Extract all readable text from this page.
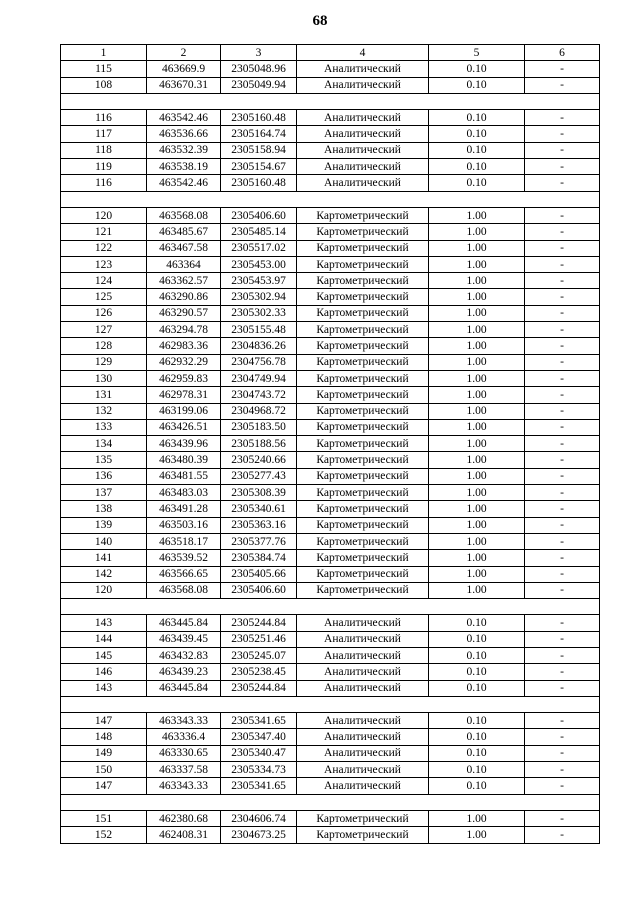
68
1	2	3	4	5	6
115	463669.9	2305048.96	Аналитический	0.10	-
108	463670.31	2305049.94	Аналитический	0.10	-

116	463542.46	2305160.48	Аналитический	0.10	-
117	463536.66	2305164.74	Аналитический	0.10	-
118	463532.39	2305158.94	Аналитический	0.10	-
119	463538.19	2305154.67	Аналитический	0.10	-
116	463542.46	2305160.48	Аналитический	0.10	-

120	463568.08	2305406.60	Картометрический	1.00	-
121	463485.67	2305485.14	Картометрический	1.00	-
122	463467.58	2305517.02	Картометрический	1.00	-
123	463364	2305453.00	Картометрический	1.00	-
124	463362.57	2305453.97	Картометрический	1.00	-
125	463290.86	2305302.94	Картометрический	1.00	-
126	463290.57	2305302.33	Картометрический	1.00	-
127	463294.78	2305155.48	Картометрический	1.00	-
128	462983.36	2304836.26	Картометрический	1.00	-
129	462932.29	2304756.78	Картометрический	1.00	-
130	462959.83	2304749.94	Картометрический	1.00	-
131	462978.31	2304743.72	Картометрический	1.00	-
132	463199.06	2304968.72	Картометрический	1.00	-
133	463426.51	2305183.50	Картометрический	1.00	-
134	463439.96	2305188.56	Картометрический	1.00	-
135	463480.39	2305240.66	Картометрический	1.00	-
136	463481.55	2305277.43	Картометрический	1.00	-
137	463483.03	2305308.39	Картометрический	1.00	-
138	463491.28	2305340.61	Картометрический	1.00	-
139	463503.16	2305363.16	Картометрический	1.00	-
140	463518.17	2305377.76	Картометрический	1.00	-
141	463539.52	2305384.74	Картометрический	1.00	-
142	463566.65	2305405.66	Картометрический	1.00	-
120	463568.08	2305406.60	Картометрический	1.00	-

143	463445.84	2305244.84	Аналитический	0.10	-
144	463439.45	2305251.46	Аналитический	0.10	-
145	463432.83	2305245.07	Аналитический	0.10	-
146	463439.23	2305238.45	Аналитический	0.10	-
143	463445.84	2305244.84	Аналитический	0.10	-

147	463343.33	2305341.65	Аналитический	0.10	-
148	463336.4	2305347.40	Аналитический	0.10	-
149	463330.65	2305340.47	Аналитический	0.10	-
150	463337.58	2305334.73	Аналитический	0.10	-
147	463343.33	2305341.65	Аналитический	0.10	-

151	462380.68	2304606.74	Картометрический	1.00	-
152	462408.31	2304673.25	Картометрический	1.00	-
